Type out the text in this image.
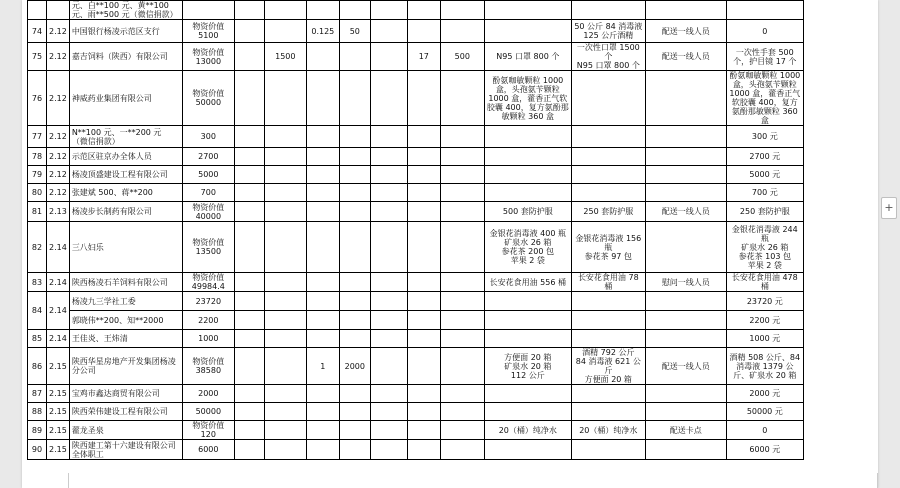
		元、白**100 元、黄**100 元、雨**500 元（微信捐款）												
74	2.12	中国银行杨凌示范区支行	物资价值
5100			0.125	50					50 公斤 84 消毒液
125 公斤酒精	配送一线人员	0
75	2.12	嘉吉饲料（陕西）有限公司	物资价值
13000		1500				17	500	N95 口罩 800 个	一次性口罩 1500 个
N95 口罩 800 个	配送一线人员	一次性手套 500 个，护目镜 17 个
76	2.12	神威药业集团有限公司	物资价值
50000								酚氨咖敏颗粒 1000 盒，头孢氨苄颗粒 1000 盒，藿香正气软胶囊 400，复方氨酚那敏颗粒 360 盒			酚氨咖敏颗粒 1000 盒，头孢氨苄颗粒 1000 盒，藿香正气软胶囊 400，复方氨酚那敏颗粒 360 盒
77	2.12	N**100 元、一**200 元
（微信捐款）	300											300 元
78	2.12	示范区驻京办全体人员	2700											2700 元
79	2.12	杨凌顶盛建设工程有限公司	5000											5000 元
80	2.12	张建斌 500、蒋**200	700											700 元
81	2.13	杨凌步长制药有限公司	物资价值
40000								500 套防护服	250 套防护服	配送一线人员	250 套防护服
82	2.14	三八妇乐	物资价值
13500								金银花消毒液 400 瓶
矿泉水 26 箱
参花茶 200 包
苹果 2 袋	金银花消毒液 156 瓶
参花茶 97 包		金银花消毒液 244 瓶
矿泉水 26 箱
参花茶 103 包
苹果 2 袋
83	2.14	陕西杨凌石羊饲料有限公司	物资价值
49984.4								长安花食用油 556 桶	长安花食用油 78 桶	慰问一线人员	长安花食用油 478 桶
84	2.14	杨凌九三学社工委	23720											23720 元
		郭晓伟**200、知**2000	2200											2200 元
85	2.14	王佳炎、王炜清	1000											1000 元
86	2.15	陕西华星房地产开发集团杨凌分公司	物资价值
38580			1	2000				方便面 20 箱
矿泉水 20 箱
112 公斤	酒精 792 公斤
84 消毒液 621 公斤
方便面 20 箱	配送一线人员	酒精 508 公斤、84 消毒液 1379 公斤、矿泉水 20 箱
87	2.15	宝鸡市鑫达商贸有限公司	2000											2000 元
88	2.15	陕西荣伟建设工程有限公司	50000											50000 元
89	2.15	藿龙圣泉	物资价值
120								20（桶）纯净水	20（桶）纯净水	配送卡点	0
90	2.15	陕西建工第十六建设有限公司全体职工	6000											6000 元
+
